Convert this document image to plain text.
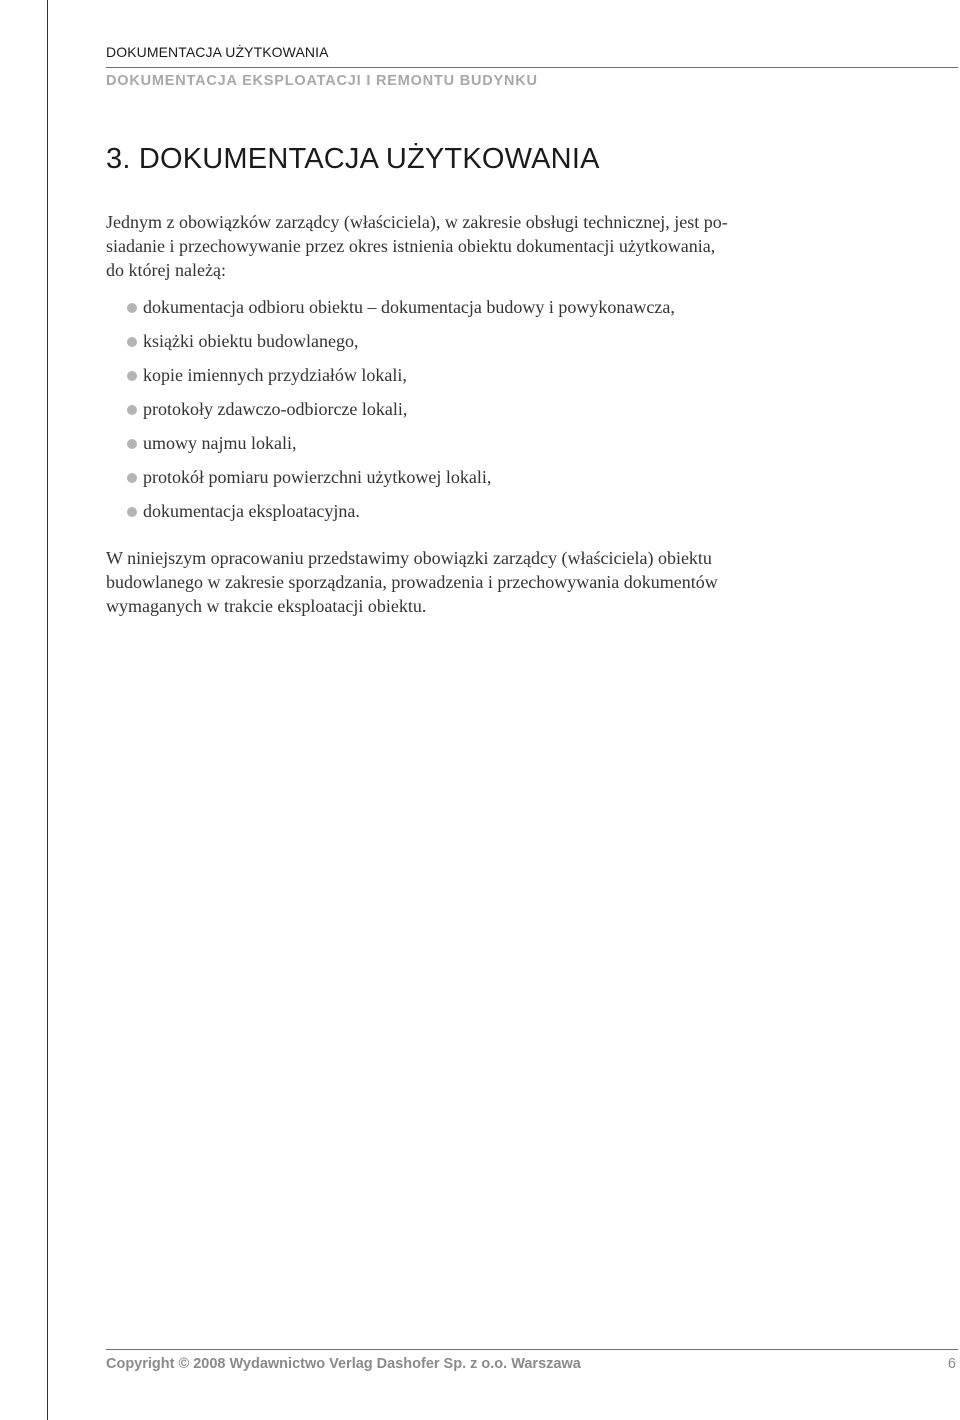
DOKUMENTACJA UŻYTKOWANIA
DOKUMENTACJA EKSPLOATACJI I REMONTU BUDYNKU
3. DOKUMENTACJA UŻYTKOWANIA

Jednym z obowiązków zarządcy (właściciela), w zakresie obsługi technicznej, jest po-
siadanie i przechowywanie przez okres istnienia obiektu dokumentacji użytkowania,
do której należą:

dokumentacja odbioru obiektu – dokumentacja budowy i powykonawcza,
książki obiektu budowlanego,
kopie imiennych przydziałów lokali,
protokoły zdawczo-odbiorcze lokali,
umowy najmu lokali,
protokół pomiaru powierzchni użytkowej lokali,
dokumentacja eksploatacyjna.

W niniejszym opracowaniu przedstawimy obowiązki zarządcy (właściciela) obiektu
budowlanego w zakresie sporządzania, prowadzenia i przechowywania dokumentów
wymaganych w trakcie eksploatacji obiektu.

Copyright © 2008 Wydawnictwo Verlag Dashofer Sp. z o.o. Warszawa	6
